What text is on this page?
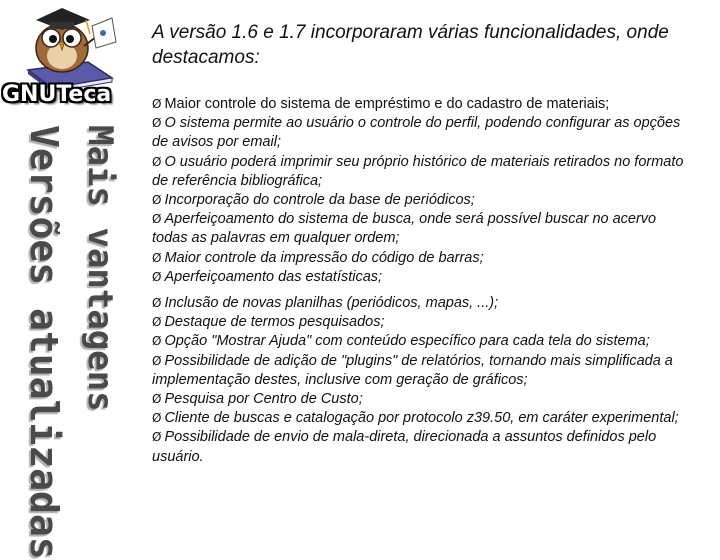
GNUTeca
Versões atualizadas Mais vantagens
A versão 1.6 e 1.7 incorporaram várias funcionalidades, onde destacamos:
Ø Maior controle do sistema de empréstimo e do cadastro de materiais;
Ø O sistema permite ao usuário o controle do perfil, podendo configurar as opções de avisos por email;
Ø O usuário poderá imprimir seu próprio histórico de materiais retirados no formato de referência bibliográfica;
Ø Incorporação do controle da base de periódicos;
Ø Aperfeiçoamento do sistema de busca, onde será possível buscar no acervo todas as palavras em qualquer ordem;
Ø Maior controle da impressão do código de barras;
Ø Aperfeiçoamento das estatísticas;
Ø Inclusão de novas planilhas (periódicos, mapas, ...);
Ø Destaque de termos pesquisados;
Ø Opção "Mostrar Ajuda" com conteúdo específico para cada tela do sistema;
Ø Possibilidade de adição de "plugins" de relatórios, tornando mais simplificada a implementação destes, inclusive com geração de gráficos;
Ø Pesquisa por Centro de Custo;
Ø Cliente de buscas e catalogação por protocolo z39.50, em caráter experimental;
Ø Possibilidade de envio de mala-direta, direcionada a assuntos definidos pelo usuário.
